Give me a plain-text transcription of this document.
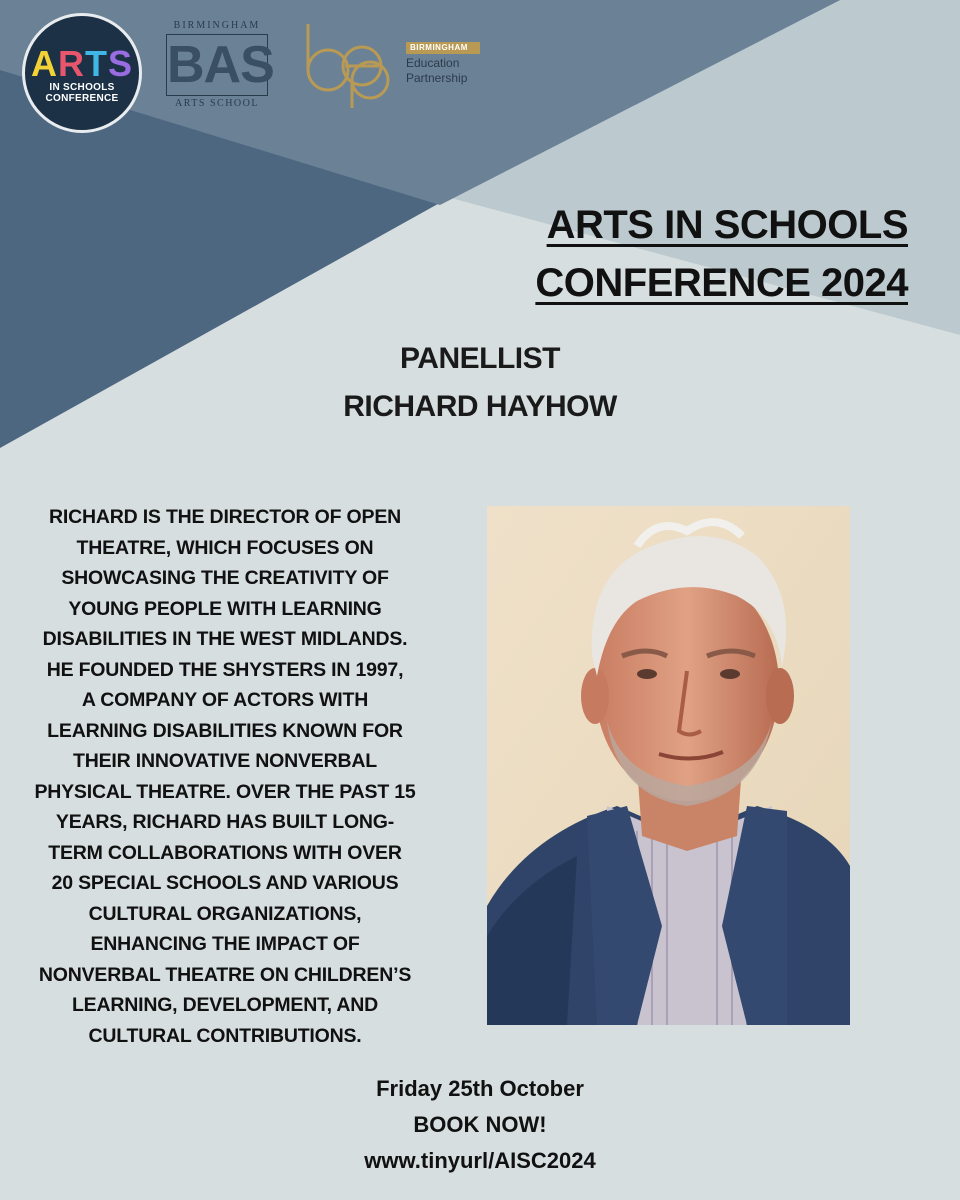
ARTS
IN SCHOOLS
CONFERENCE
BIRMINGHAM
BAS
ARTS SCHOOL
BIRMINGHAM
Education
Partnership
ARTS IN SCHOOLS
CONFERENCE 2024
PANELLIST
RICHARD HAYHOW
RICHARD IS THE DIRECTOR OF OPEN
THEATRE, WHICH FOCUSES ON
SHOWCASING THE CREATIVITY OF
YOUNG PEOPLE WITH LEARNING
DISABILITIES IN THE WEST MIDLANDS.
HE FOUNDED THE SHYSTERS IN 1997,
A COMPANY OF ACTORS WITH
LEARNING DISABILITIES KNOWN FOR
THEIR INNOVATIVE NONVERBAL
PHYSICAL THEATRE. OVER THE PAST 15
YEARS, RICHARD HAS BUILT LONG-
TERM COLLABORATIONS WITH OVER
20 SPECIAL SCHOOLS AND VARIOUS
CULTURAL ORGANIZATIONS,
ENHANCING THE IMPACT OF
NONVERBAL THEATRE ON CHILDREN’S
LEARNING, DEVELOPMENT, AND
CULTURAL CONTRIBUTIONS.
Friday 25th October
BOOK NOW!
www.tinyurl/AISC2024
